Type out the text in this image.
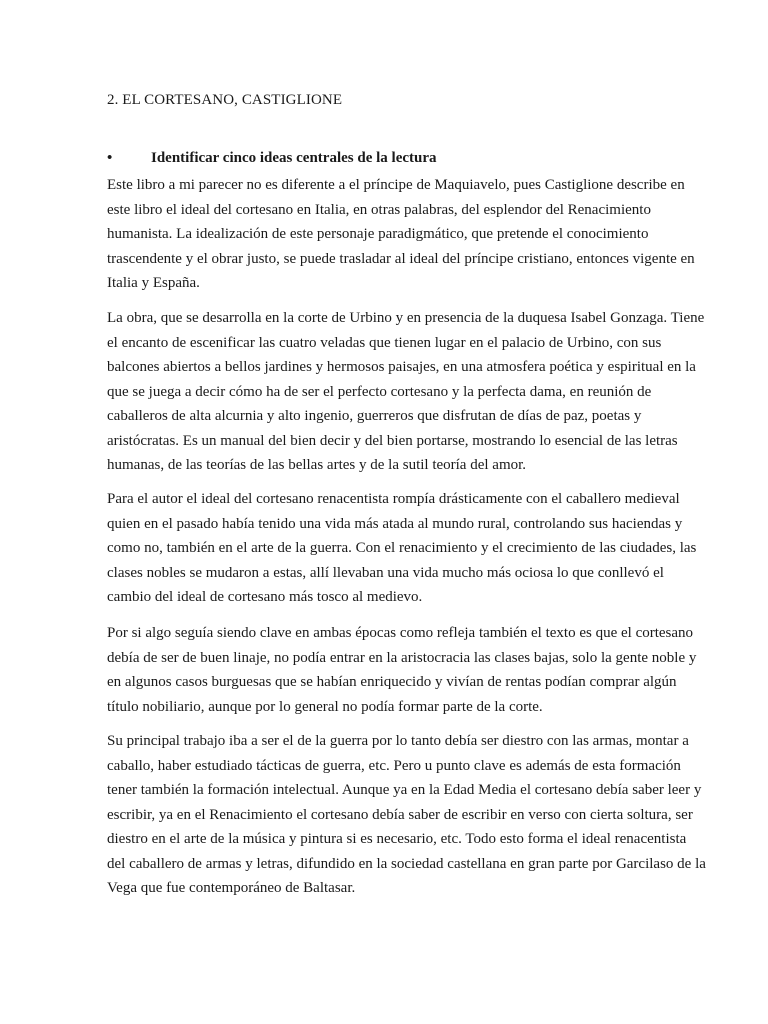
2. EL CORTESANO, CASTIGLIONE
•	Identificar cinco ideas centrales de la lectura

Este libro a mi parecer no es diferente a el príncipe de Maquiavelo, pues Castiglione describe en
este libro el ideal del cortesano en Italia, en otras palabras, del esplendor del Renacimiento
humanista. La idealización de este personaje paradigmático, que pretende el conocimiento
trascendente y el obrar justo, se puede trasladar al ideal del príncipe cristiano, entonces vigente en
Italia y España.

La obra, que se desarrolla en la corte de Urbino y en presencia de la duquesa Isabel Gonzaga. Tiene
el encanto de escenificar las cuatro veladas que tienen lugar en el palacio de Urbino, con sus
balcones abiertos a bellos jardines y hermosos paisajes, en una atmosfera poética y espiritual en la
que se juega a decir cómo ha de ser el perfecto cortesano y la perfecta dama, en reunión de
caballeros de alta alcurnia y alto ingenio, guerreros que disfrutan de días de paz, poetas y
aristócratas. Es un manual del bien decir y del bien portarse, mostrando lo esencial de las letras
humanas, de las teorías de las bellas artes y de la sutil teoría del amor.

Para el autor el ideal del cortesano renacentista rompía drásticamente con el caballero medieval
quien en el pasado había tenido una vida más atada al mundo rural, controlando sus haciendas y
como no, también en el arte de la guerra. Con el renacimiento y el crecimiento de las ciudades, las
clases nobles se mudaron a estas, allí llevaban una vida mucho más ociosa lo que conllevó el
cambio del ideal de cortesano más tosco al medievo.

Por si algo seguía siendo clave en ambas épocas como refleja también el texto es que el cortesano
debía de ser de buen linaje, no podía entrar en la aristocracia las clases bajas, solo la gente noble y
en algunos casos burguesas que se habían enriquecido y vivían de rentas podían comprar algún
título nobiliario, aunque por lo general no podía formar parte de la corte.

Su principal trabajo iba a ser el de la guerra por lo tanto debía ser diestro con las armas, montar a
caballo, haber estudiado tácticas de guerra, etc. Pero u punto clave es además de esta formación
tener también la formación intelectual. Aunque ya en la Edad Media el cortesano debía saber leer y
escribir, ya en el Renacimiento el cortesano debía saber de escribir en verso con cierta soltura, ser
diestro en el arte de la música y pintura si es necesario, etc. Todo esto forma el ideal renacentista
del caballero de armas y letras, difundido en la sociedad castellana en gran parte por Garcilaso de la
Vega que fue contemporáneo de Baltasar.
